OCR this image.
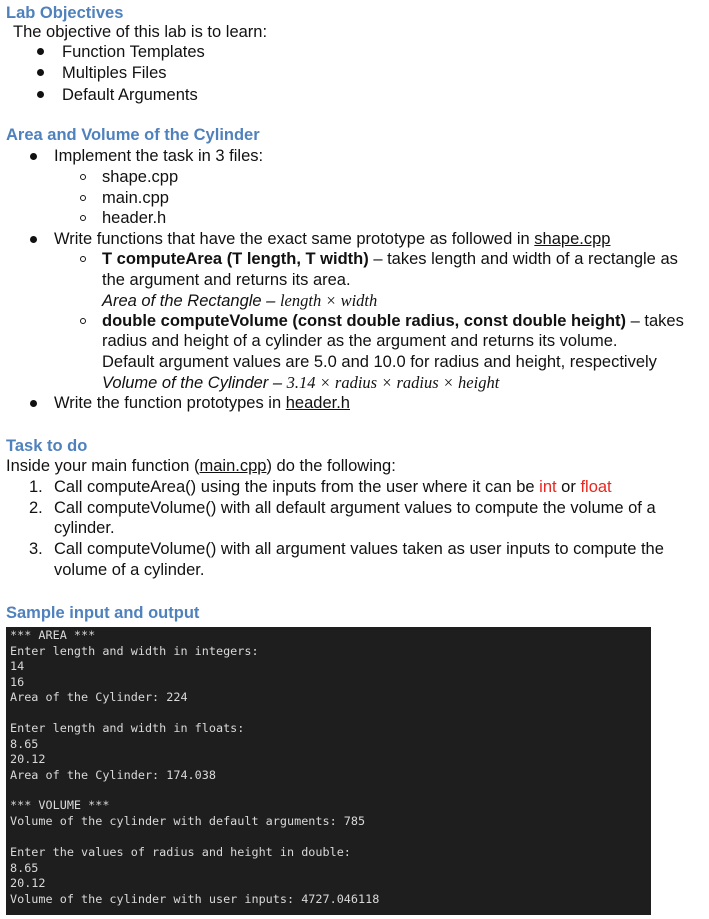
Lab Objectives
The objective of this lab is to learn:
Function Templates
Multiples Files
Default Arguments
Area and Volume of the Cylinder
Implement the task in 3 files:
shape.cpp
main.cpp
header.h
Write functions that have the exact same prototype as followed in shape.cpp
T computeArea (T length, T width) – takes length and width of a rectangle as
the argument and returns its area.
Area of the Rectangle – length × width
double computeVolume (const double radius, const double height) – takes
radius and height of a cylinder as the argument and returns its volume.
Default argument values are 5.0 and 10.0 for radius and height, respectively
Volume of the Cylinder – 3.14 × radius × radius × height
Write the function prototypes in header.h
Task to do
Inside your main function (main.cpp) do the following:
1. Call computeArea() using the inputs from the user where it can be int or float
2. Call computeVolume() with all default argument values to compute the volume of a
cylinder.
3. Call computeVolume() with all argument values taken as user inputs to compute the
volume of a cylinder.
Sample input and output
*** AREA ***
Enter length and width in integers:
14
16
Area of the Cylinder: 224
Enter length and width in floats:
8.65
20.12
Area of the Cylinder: 174.038
*** VOLUME ***
Volume of the cylinder with default arguments: 785
Enter the values of radius and height in double:
8.65
20.12
Volume of the cylinder with user inputs: 4727.046118
